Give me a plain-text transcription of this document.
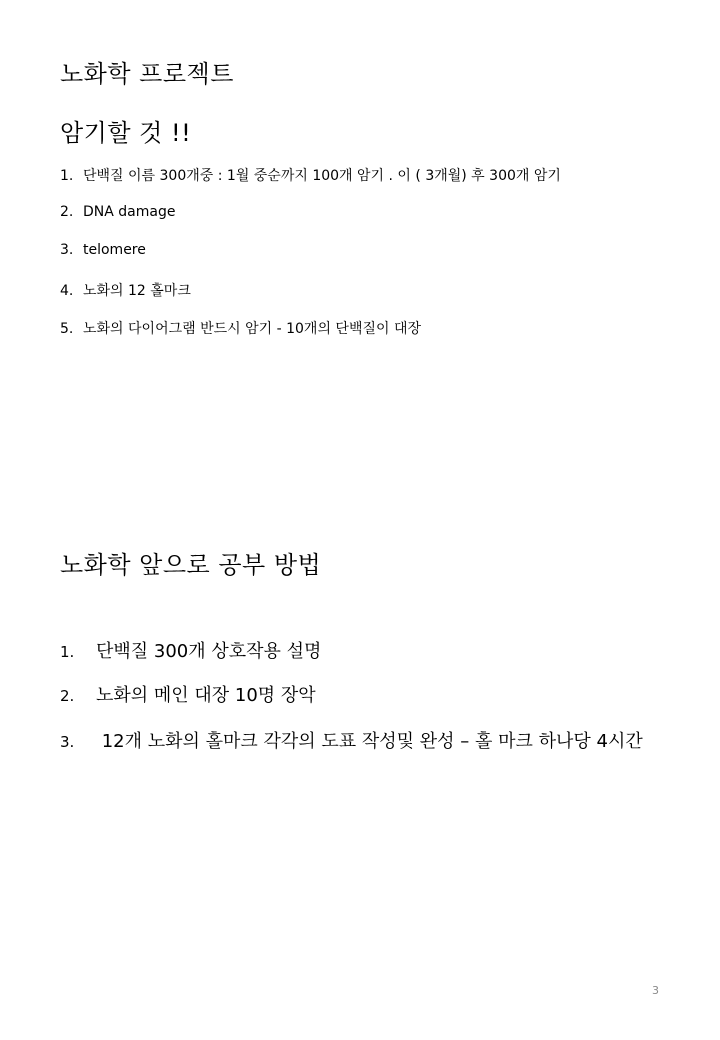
노화학 프로젝트
암기할 것 !!
1. 단백질 이름 300개중 : 1월 중순까지 100개 암기 . 이 ( 3개월) 후 300개 암기
2. DNA damage
3. telomere
4. 노화의 12 홀마크
5. 노화의 다이어그램 반드시 암기 - 10개의 단백질이 대장
노화학 앞으로 공부 방법
1. 단백질 300개 상호작용 설명
2. 노화의 메인 대장 10명 장악
3. 12개 노화의 홀마크 각각의 도표 작성및 완성 – 홀 마크 하나당 4시간
3
